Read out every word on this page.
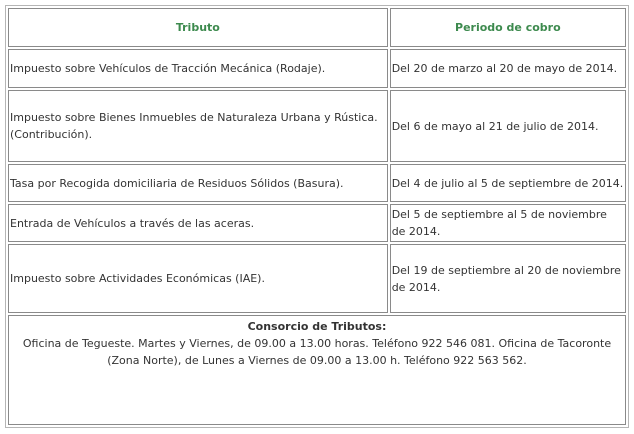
Tributo	Periodo de cobro
Impuesto sobre Vehículos de Tracción Mecánica (Rodaje).	Del 20 de marzo al 20 de mayo de 2014.
Impuesto sobre Bienes Inmuebles de Naturaleza Urbana y Rústica. (Contribución).	Del 6 de mayo al 21 de julio de 2014.
Tasa por Recogida domiciliaria de Residuos Sólidos (Basura).	Del 4 de julio al 5 de septiembre de 2014.
Entrada de Vehículos a través de las aceras.	Del 5 de septiembre al 5 de noviembre de 2014.
Impuesto sobre Actividades Económicas (IAE).	Del 19 de septiembre al 20 de noviembre de 2014.

Consorcio de Tributos:
Oficina de Tegueste. Martes y Viernes, de 09.00 a 13.00 horas. Teléfono 922 546 081. Oficina de Tacoronte (Zona Norte), de Lunes a Viernes de 09.00 a 13.00 h. Teléfono 922 563 562.	
